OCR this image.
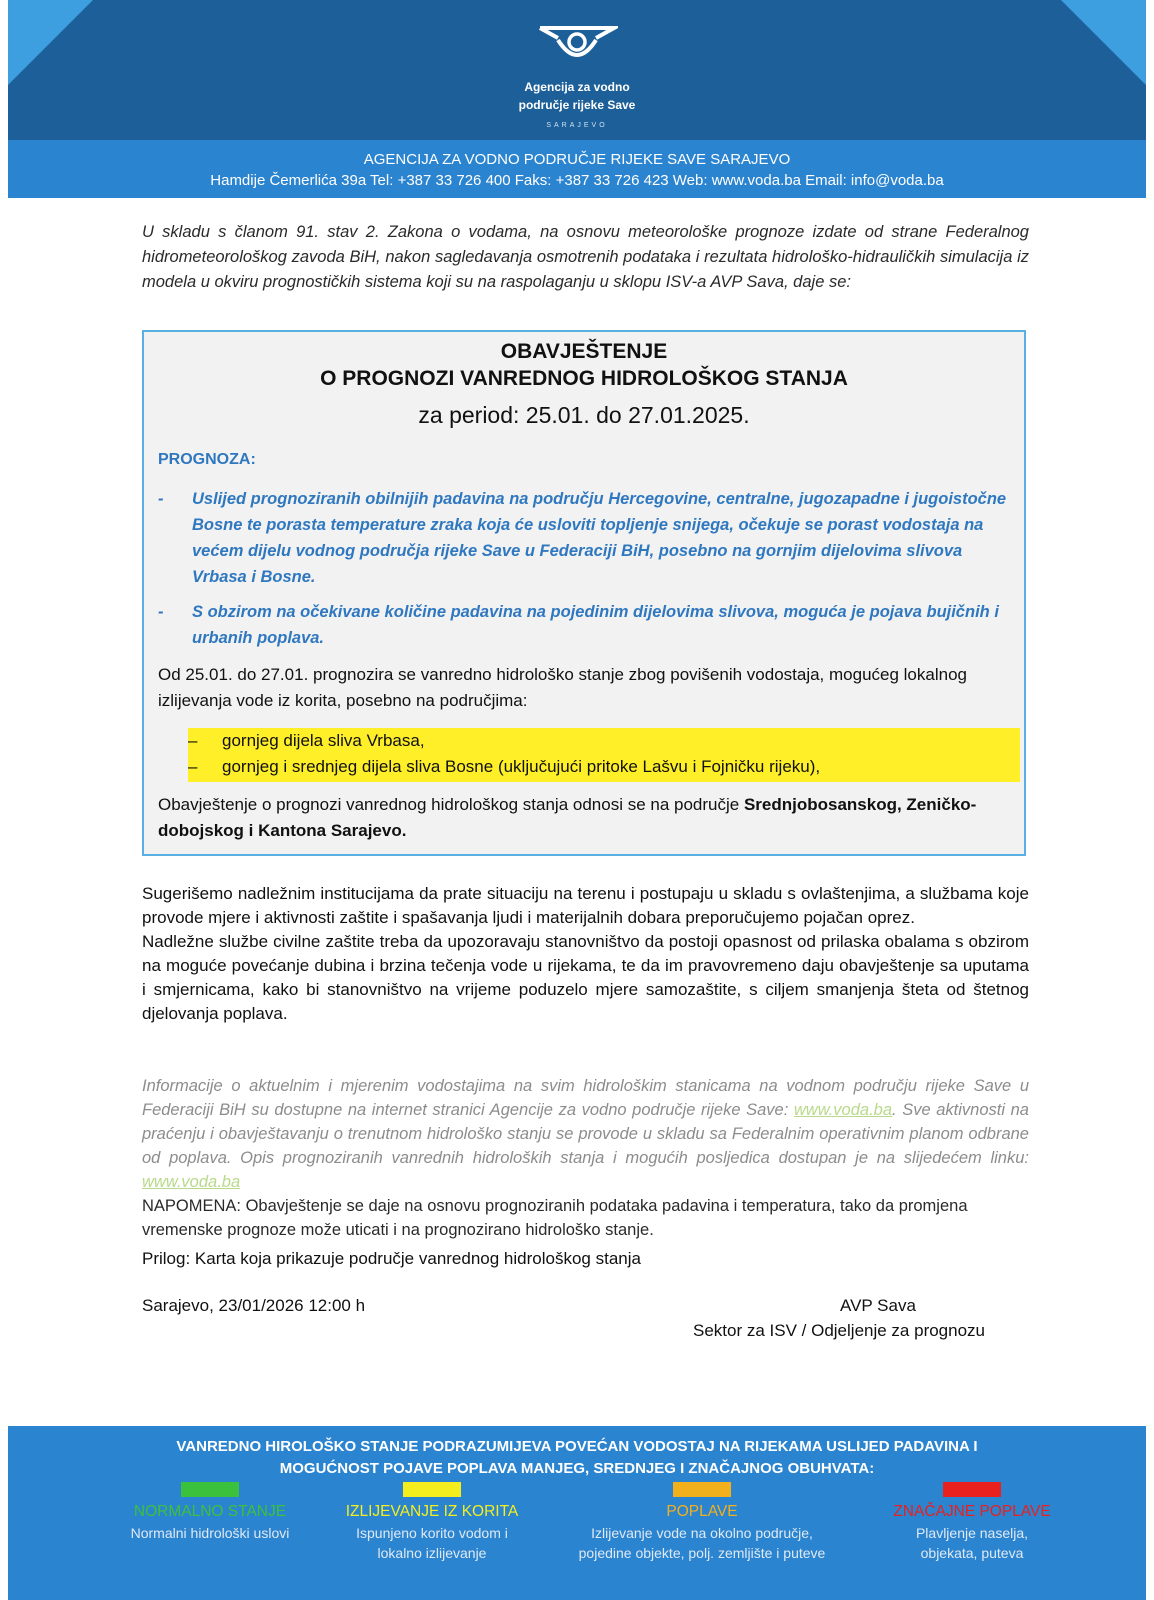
Agencija za vodno
područje rijeke Save
SARAJEVO
AGENCIJA ZA VODNO PODRUČJE RIJEKE SAVE SARAJEVO
Hamdije Čemerlića 39a Tel: +387 33 726 400 Faks: +387 33 726 423 Web: www.voda.ba Email: info@voda.ba
U skladu s članom 91. stav 2. Zakona o vodama, na osnovu meteorološke prognoze izdate od strane Federalnog hidrometeorološkog zavoda BiH, nakon sagledavanja osmotrenih podataka i rezultata hidrološko-hidrauličkih simulacija iz modela u okviru prognostičkih sistema koji su na raspolaganju u sklopu ISV-a AVP Sava, daje se:
OBAVJEŠTENJE
O PROGNOZI VANREDNOG HIDROLOŠKOG STANJA
za period: 25.01. do 27.01.2025.
PROGNOZA:
- Uslijed prognoziranih obilnijih padavina na području Hercegovine, centralne, jugozapadne i jugoistočne Bosne te porasta temperature zraka koja će usloviti topljenje snijega, očekuje se porast vodostaja na većem dijelu vodnog područja rijeke Save u Federaciji BiH, posebno na gornjim dijelovima slivova Vrbasa i Bosne.
- S obzirom na očekivane količine padavina na pojedinim dijelovima slivova, moguća je pojava bujičnih i urbanih poplava.
Od 25.01. do 27.01. prognozira se vanredno hidrološko stanje zbog povišenih vodostaja, mogućeg lokalnog izlijevanja vode iz korita, posebno na područjima:
– gornjeg dijela sliva Vrbasa,
– gornjeg i srednjeg dijela sliva Bosne (uključujući pritoke Lašvu i Fojničku rijeku),
Obavještenje o prognozi vanrednog hidrološkog stanja odnosi se na područje Srednjobosanskog, Zeničko-dobojskog i Kantona Sarajevo.
Sugerišemo nadležnim institucijama da prate situaciju na terenu i postupaju u skladu s ovlaštenjima, a službama koje provode mjere i aktivnosti zaštite i spašavanja ljudi i materijalnih dobara preporučujemo pojačan oprez.
Nadležne službe civilne zaštite treba da upozoravaju stanovništvo da postoji opasnost od prilaska obalama s obzirom na moguće povećanje dubina i brzina tečenja vode u rijekama, te da im pravovremeno daju obavještenje sa uputama i smjernicama, kako bi stanovništvo na vrijeme poduzelo mjere samozaštite, s ciljem smanjenja šteta od štetnog djelovanja poplava.
Informacije o aktuelnim i mjerenim vodostajima na svim hidrološkim stanicama na vodnom području rijeke Save u Federaciji BiH su dostupne na internet stranici Agencije za vodno područje rijeke Save: www.voda.ba. Sve aktivnosti na praćenju i obavještavanju o trenutnom hidrološko stanju se provode u skladu sa Federalnim operativnim planom odbrane od poplava. Opis prognoziranih vanrednih hidroloških stanja i mogućih posljedica dostupan je na slijedećem linku: www.voda.ba
NAPOMENA: Obavještenje se daje na osnovu prognoziranih podataka padavina i temperatura, tako da promjena vremenske prognoze može uticati i na prognozirano hidrološko stanje.
Prilog: Karta koja prikazuje područje vanrednog hidrološkog stanja
Sarajevo, 23/01/2026 12:00 h	AVP Sava
Sektor za ISV / Odjeljenje za prognozu
VANREDNO HIROLOŠKO STANJE PODRAZUMIJEVA POVEĆAN VODOSTAJ NA RIJEKAMA USLIJED PADAVINA I
MOGUĆNOST POJAVE POPLAVA MANJEG, SREDNJEG I ZNAČAJNOG OBUHVATA:
NORMALNO STANJE
Normalni hidrološki uslovi
IZLIJEVANJE IZ KORITA
Ispunjeno korito vodom i
lokalno izlijevanje
POPLAVE
Izlijevanje vode na okolno područje,
pojedine objekte, polj. zemljište i puteve
ZNAČAJNE POPLAVE
Plavljenje naselja,
objekata, puteva
